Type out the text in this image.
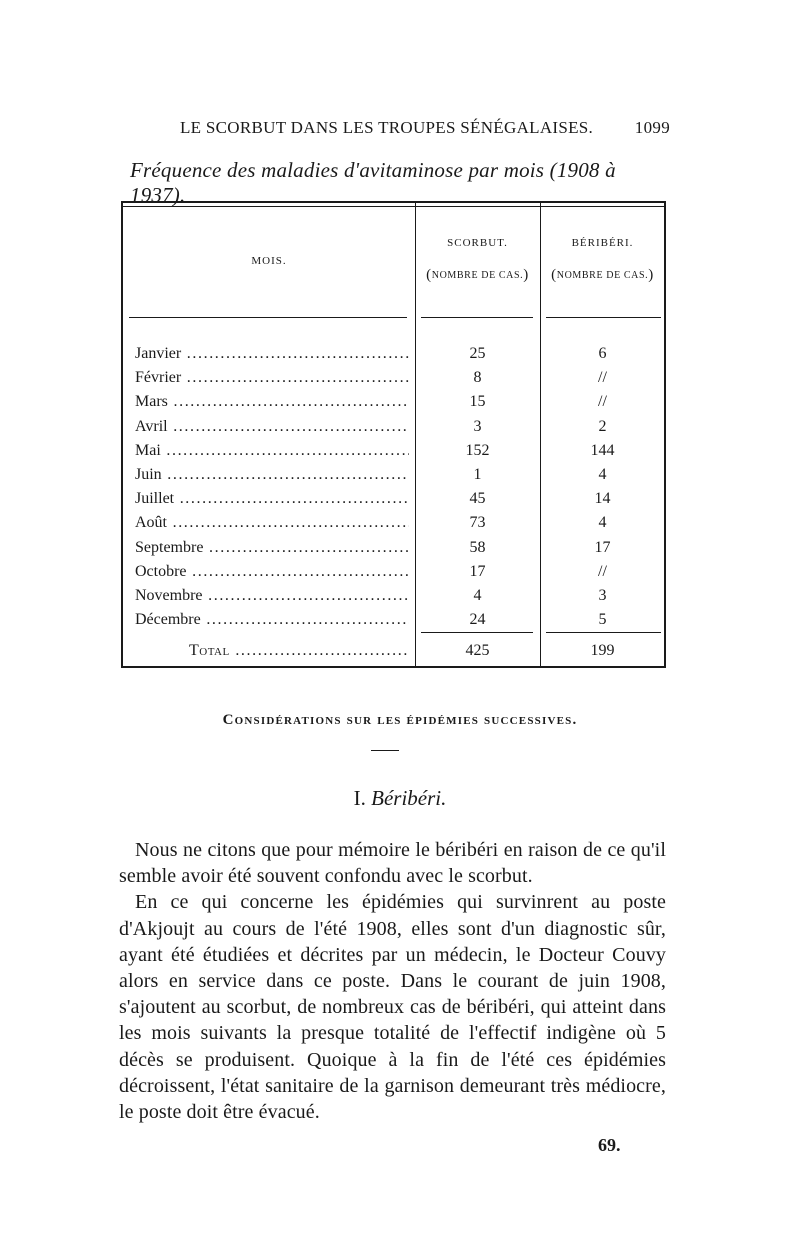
LE SCORBUT DANS LES TROUPES SÉNÉGALAISES. 1099
Fréquence des maladies d'avitaminose par mois (1908 à 1937).
MOIS.
SCORBUT.	BÉRIBÉRI.
(NOMBRE DE CAS.)	(NOMBRE DE CAS.)
Janvier .....	25	6
Février .....	8	//
Mars .....	15	//
Avril .....	3	2
Mai .....	152	144
Juin .....	1	4
Juillet .....	45	14
Août .....	73	4
Septembre .....	58	17
Octobre .....	17	//
Novembre .....	4	3
Décembre .....	24	5
Total .....	425	199
Considérations sur les épidémies successives.
I. Béribéri.

Nous ne citons que pour mémoire le béribéri en raison de ce qu'il semble avoir été souvent confondu avec le scorbut.

En ce qui concerne les épidémies qui survinrent au poste d'Akjoujt au cours de l'été 1908, elles sont d'un diagnostic sûr, ayant été étudiées et décrites par un médecin, le Docteur Couvy alors en service dans ce poste. Dans le courant de juin 1908, s'ajoutent au scorbut, de nombreux cas de béribéri, qui atteint dans les mois suivants la presque totalité de l'effectif indigène où 5 décès se produisent. Quoique à la fin de l'été ces épidémies décroissent, l'état sanitaire de la garnison demeurant très médiocre, le poste doit être évacué.

69.
